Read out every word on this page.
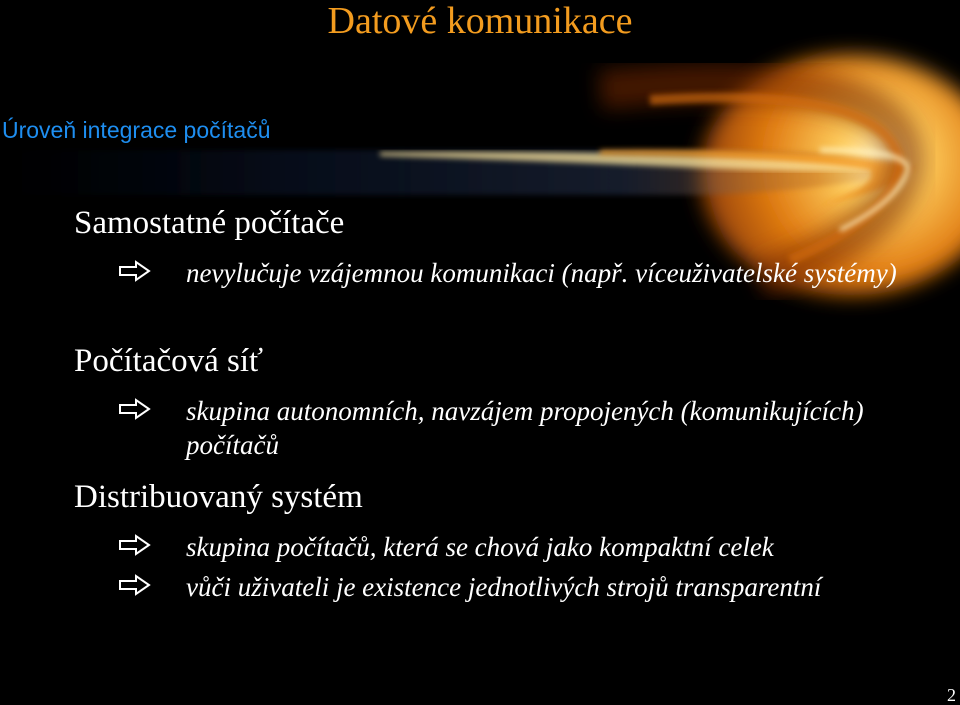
Datové komunikace
Úroveň integrace počítačů
Samostatné počítače
nevylučuje vzájemnou komunikaci (např. víceuživatelské systémy)
Počítačová síť
skupina autonomních, navzájem propojených (komunikujících) počítačů
Distribuovaný systém
skupina počítačů, která se chová jako kompaktní celek
vůči uživateli je existence jednotlivých strojů transparentní
2
